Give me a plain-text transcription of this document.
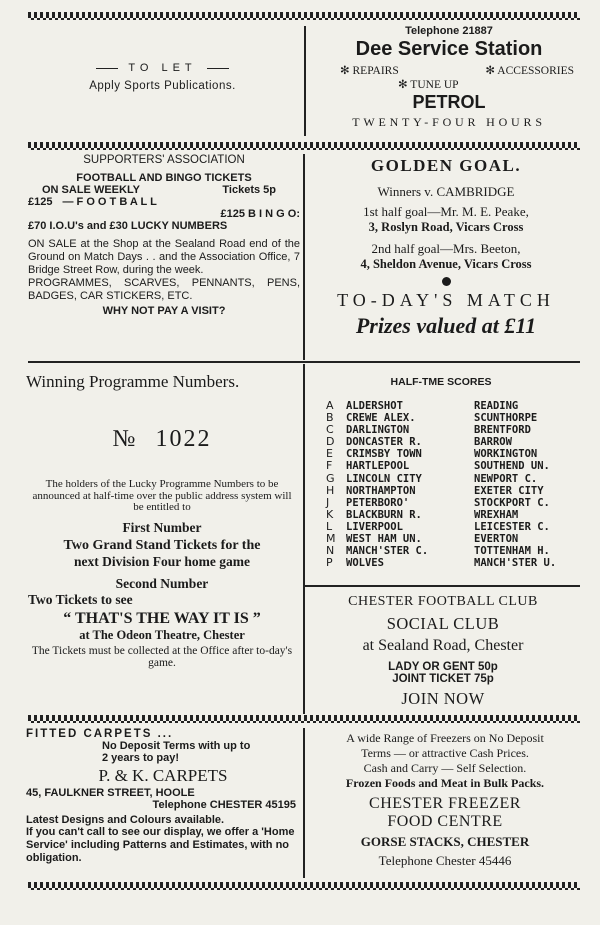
TO LET
Apply Sports Publications.
Telephone 21887
Dee Service Station
✻ REPAIRS	✻ ACCESSORIES
✻ TUNE UP
PETROL
TWENTY-FOUR HOURS
SUPPORTERS' ASSOCIATION
FOOTBALL AND BINGO TICKETS
ON SALE WEEKLY	Tickets 5p
£125 — F O O T B A L L
£125 B I N G O:
£70 I.O.U's and £30 LUCKY NUMBERS
ON SALE at the Shop at the Sealand Road end of the Ground on Match Days . . and the Association Office, 7 Bridge Street Row, during the week.
PROGRAMMES, SCARVES, PENNANTS, PENS, BADGES, CAR STICKERS, ETC.
WHY NOT PAY A VISIT?
GOLDEN GOAL.
Winners v. CAMBRIDGE
1st half goal—Mr. M. E. Peake,
3, Roslyn Road, Vicars Cross
2nd half goal—Mrs. Beeton,
4, Sheldon Avenue, Vicars Cross
TO-DAY'S MATCH
Prizes valued at £11
Winning Programme Numbers.
№ 1022
The holders of the Lucky Programme Numbers to be announced at half-time over the public address system will be entitled to
First Number
Two Grand Stand Tickets for the
next Division Four home game
Second Number
Two Tickets to see
“ THAT'S THE WAY IT IS ”
at The Odeon Theatre, Chester
The Tickets must be collected at the Office after to-day's game.
HALF-TME SCORES
A	ALDERSHOT	READING
B	CREWE ALEX.	SCUNTHORPE
C	DARLINGTON	BRENTFORD
D	DONCASTER R.	BARROW
E	CRIMSBY TOWN	WORKINGTON
F	HARTLEPOOL	SOUTHEND UN.
G	LINCOLN CITY	NEWPORT C.
H	NORTHAMPTON	EXETER CITY
J	PETERBORO'	STOCKPORT C.
K	BLACKBURN R.	WREXHAM
L	LIVERPOOL	LEICESTER C.
M	WEST HAM UN.	EVERTON
N	MANCH'STER C.	TOTTENHAM H.
P	WOLVES	MANCH'STER U.
CHESTER FOOTBALL CLUB
SOCIAL CLUB
at Sealand Road, Chester
LADY OR GENT 50p
JOINT TICKET 75p
JOIN NOW
FITTED CARPETS ...
No Deposit Terms with up to
2 years to pay!
P. & K. CARPETS
45, FAULKNER STREET, HOOLE
Telephone CHESTER 45195
Latest Designs and Colours available.
If you can't call to see our display, we offer a 'Home Service' including Patterns and Estimates, with no obligation.
A wide Range of Freezers on No Deposit
Terms — or attractive Cash Prices.
Cash and Carry — Self Selection.
Frozen Foods and Meat in Bulk Packs.
CHESTER FREEZER
FOOD CENTRE
GORSE STACKS, CHESTER
Telephone Chester 45446
